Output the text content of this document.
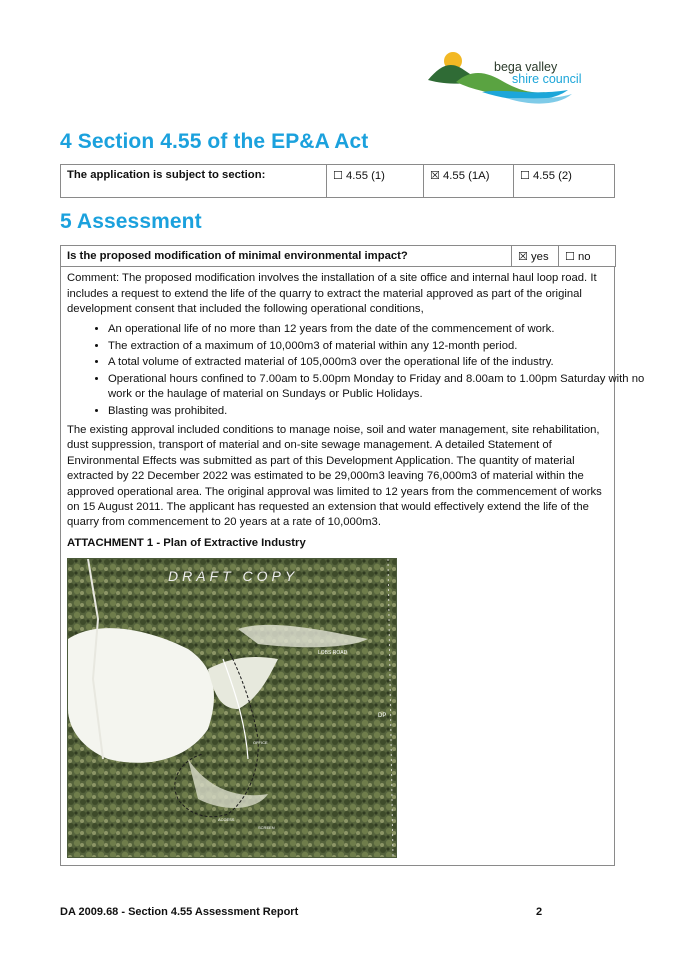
bega valley
shire council
4 Section 4.55 of the EP&A Act
The application is subject to section:	☐ 4.55 (1)	☒ 4.55 (1A)	☐ 4.55 (2)
5 Assessment
Is the proposed modification of minimal environmental impact?	☒ yes	☐ no

Comment: The proposed modification involves the installation of a site office and internal haul loop road. It includes a request to extend the life of the quarry to extract the material approved as part of the original development consent that included the following operational conditions,

• An operational life of no more than 12 years from the date of the commencement of work.
• The extraction of a maximum of 10,000m3 of material within any 12-month period.
• A total volume of extracted material of 105,000m3 over the operational life of the industry.
• Operational hours confined to 7.00am to 5.00pm Monday to Friday and 8.00am to 1.00pm Saturday with no work or the haulage of material on Sundays or Public Holidays.
• Blasting was prohibited.

The existing approval included conditions to manage noise, soil and water management, site rehabilitation, dust suppression, transport of material and on-site sewage management. A detailed Statement of Environmental Effects was submitted as part of this Development Application. The quantity of material extracted by 22 December 2022 was estimated to be 29,000m3 leaving 76,000m3 of material within the approved operational area. The original approval was limited to 12 years from the commencement of works on 15 August 2011. The applicant has requested an extension that would effectively extend the life of the quarry from commencement to 20 years at a rate of 10,000m3.

ATTACHMENT 1 - Plan of Extractive Industry
DRAFT COPY
LOBS ROAD
DP
OFFICE
ACCESS
SCREEN
DA 2009.68 - Section 4.55 Assessment Report	2
